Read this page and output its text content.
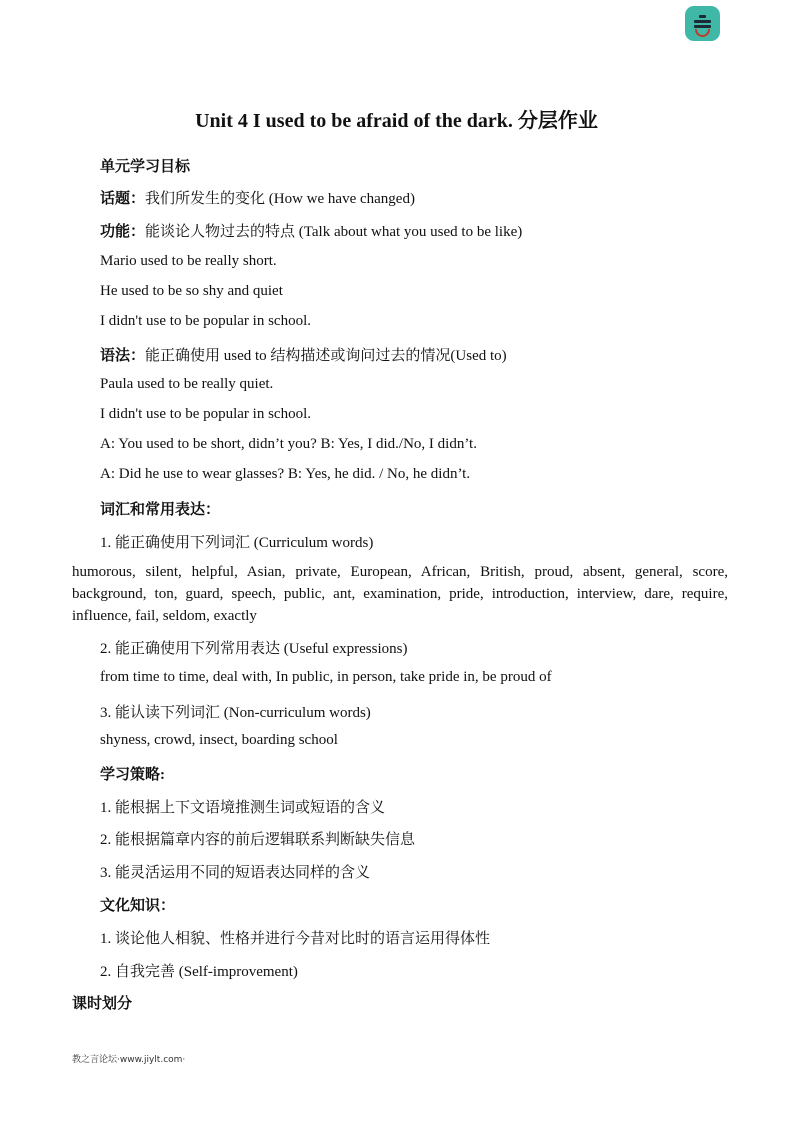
Unit 4 I used to be afraid of the dark. 分层作业
单元学习目标
话题：我们所发生的变化 (How we have changed)
功能：能谈论人物过去的特点 (Talk about what you used to be like)
Mario used to be really short.
He used to be so shy and quiet
I didn't use to be popular in school.
语法：能正确使用 used to 结构描述或询问过去的情况(Used to)
Paula used to be really quiet.
I didn't use to be popular in school.
A: You used to be short, didn’t you? B: Yes, I did./No, I didn’t.
A: Did he use to wear glasses? B: Yes, he did. / No, he didn’t.
词汇和常用表达：
1. 能正确使用下列词汇 (Curriculum words)
humorous, silent, helpful, Asian, private, European, African, British, proud, absent, general, score, background, ton, guard, speech, public, ant, examination, pride, introduction, interview, dare, require, influence, fail, seldom, exactly
2. 能正确使用下列常用表达 (Useful expressions)
from time to time, deal with, In public, in person, take pride in, be proud of
3. 能认读下列词汇 (Non-curriculum words)
shyness, crowd, insect, boarding school
学习策略:
1. 能根据上下文语境推测生词或短语的含义
2. 能根据篇章内容的前后逻辑联系判断缺失信息
3. 能灵活运用不同的短语表达同样的含义
文化知识：
1. 谈论他人相貌、性格并进行今昔对比时的语言运用得体性
2. 自我完善 (Self-improvement)
课时划分
教之言论坛·www.jiylt.com·
